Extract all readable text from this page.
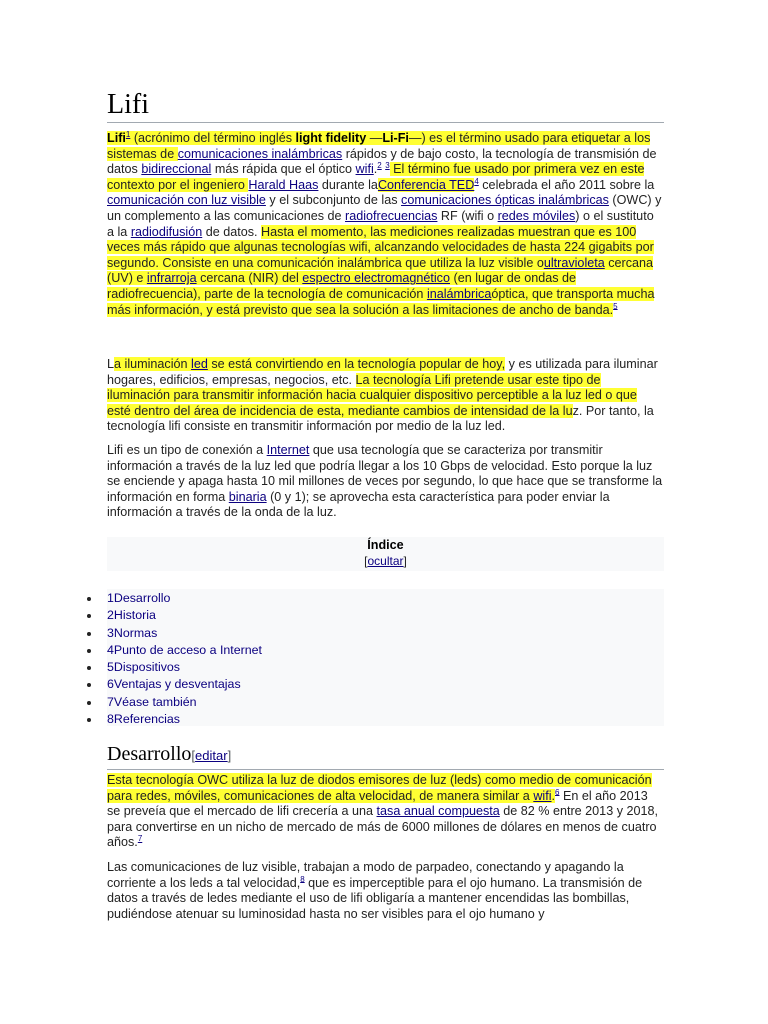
Lifi

Lifi$^1$ (acrónimo del término inglés light fidelity —Li-Fi—) es el término usado para etiquetar a los sistemas de comunicaciones inalámbricas rápidos y de bajo costo, la tecnología de transmisión de datos bidireccional más rápida que el óptico wifi.$^2$ $^3$ El término fue usado por primera vez en este contexto por el ingeniero Harald Haas durante laConferencia TED$^4$ celebrada el año 2011 sobre la comunicación con luz visible y el subconjunto de las comunicaciones ópticas inalámbricas (OWC) y un complemento a las comunicaciones de radiofrecuencias RF (wifi o redes móviles) o el sustituto a la radiodifusión de datos. Hasta el momento, las mediciones realizadas muestran que es 100 veces más rápido que algunas tecnologías wifi, alcanzando velocidades de hasta 224 gigabits por segundo. Consiste en una comunicación inalámbrica que utiliza la luz visible oultravioleta cercana (UV) e infrarroja cercana (NIR) del espectro electromagnético (en lugar de ondas de radiofrecuencia), parte de la tecnología de comunicación inalámbricaóptica, que transporta mucha más información, y está previsto que sea la solución a las limitaciones de ancho de banda.$^5$

La iluminación led se está convirtiendo en la tecnología popular de hoy, y es utilizada para iluminar hogares, edificios, empresas, negocios, etc. La tecnología Lifi pretende usar este tipo de iluminación para transmitir información hacia cualquier dispositivo perceptible a la luz led o que esté dentro del área de incidencia de esta, mediante cambios de intensidad de la luz. Por tanto, la tecnología lifi consiste en transmitir información por medio de la luz led.

Lifi es un tipo de conexión a Internet que usa tecnología que se caracteriza por transmitir información a través de la luz led que podría llegar a los 10 Gbps de velocidad. Esto porque la luz se enciende y apaga hasta 10 mil millones de veces por segundo, lo que hace que se transforme la información en forma binaria (0 y 1); se aprovecha esta característica para poder enviar la información a través de la onda de la luz.

Índice
[ocultar]
Desarrollo[editar]

Esta tecnología OWC utiliza la luz de diodos emisores de luz (leds) como medio de comunicación para redes, móviles, comunicaciones de alta velocidad, de manera similar a wifi.$^6$ En el año 2013 se preveía que el mercado de lifi crecería a una tasa anual compuesta de 82 % entre 2013 y 2018, para convertirse en un nicho de mercado de más de 6000 millones de dólares en menos de cuatro años.$^7$

Las comunicaciones de luz visible, trabajan a modo de parpadeo, conectando y apagando la corriente a los leds a tal velocidad,$^8$ que es imperceptible para el ojo humano. La transmisión de datos a través de ledes mediante el uso de lifi obligaría a mantener encendidas las bombillas, pudiéndose atenuar su luminosidad hasta no ser visibles para el ojo humano y

1Desarrollo
2Historia
3Normas
4Punto de acceso a Internet
5Dispositivos
6Ventajas y desventajas
7Véase también
8Referencias
